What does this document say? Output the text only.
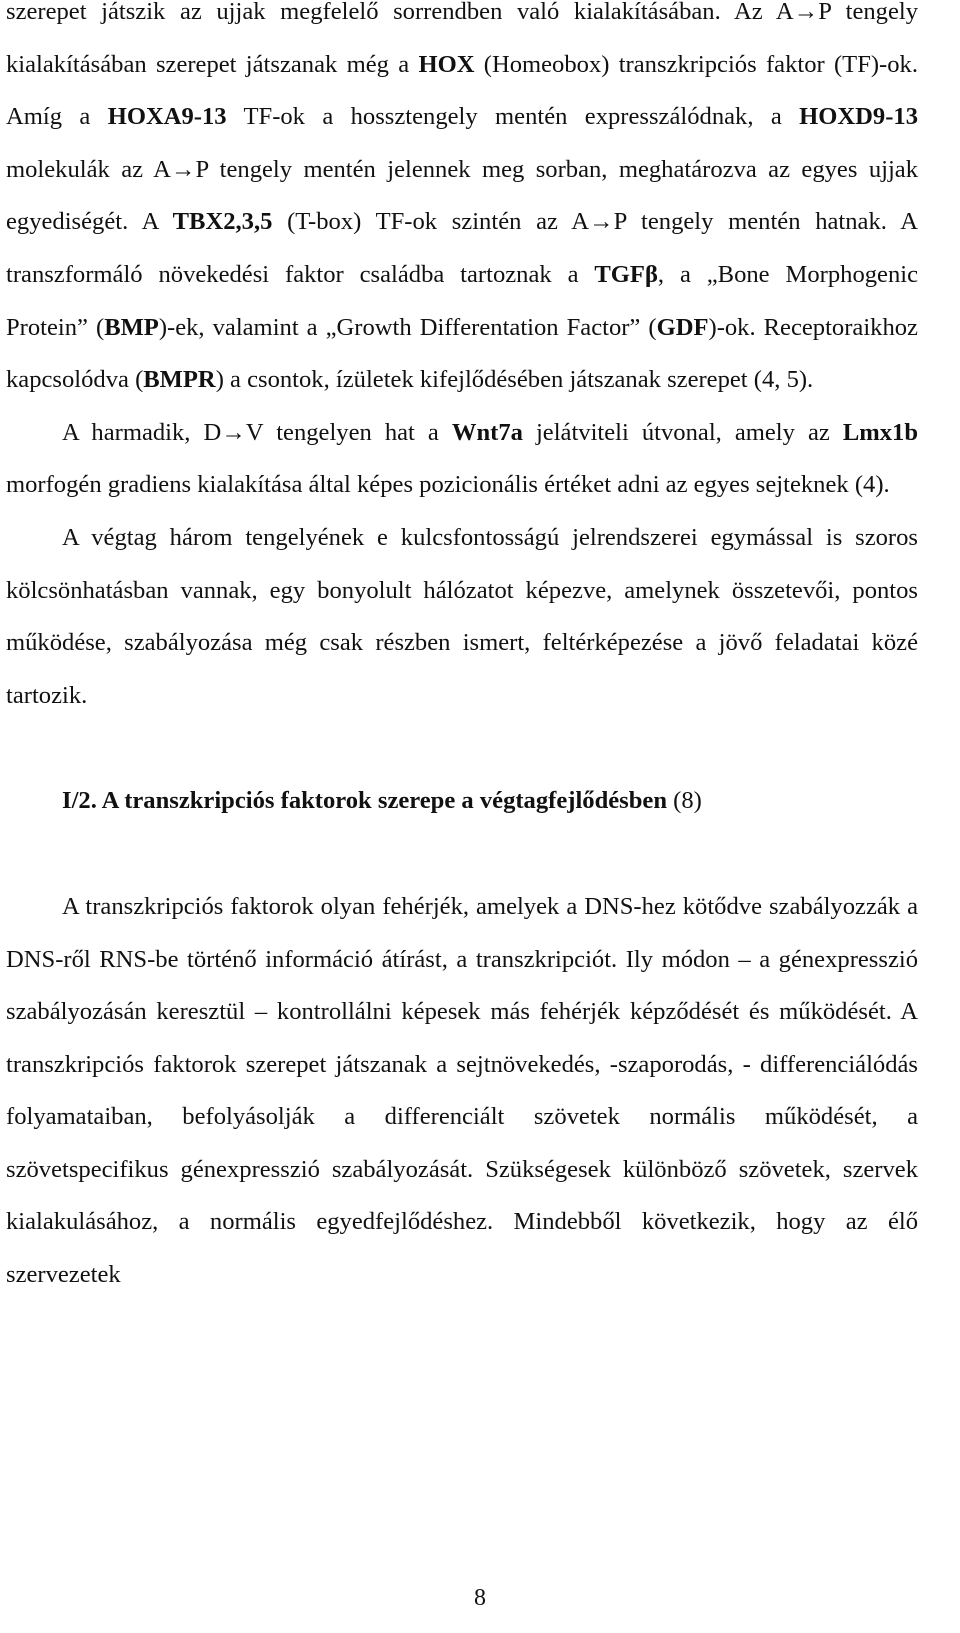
szerepet játszik az ujjak megfelelő sorrendben való kialakításában. Az A→P tengely kialakításában szerepet játszanak még a HOX (Homeobox) transzkripciós faktor (TF)-ok. Amíg a HOXA9-13 TF-ok a hossztengely mentén expresszálódnak, a HOXD9-13 molekulák az A→P tengely mentén jelennek meg sorban, meghatározva az egyes ujjak egyediségét. A TBX2,3,5 (T-box) TF-ok szintén az A→P tengely mentén hatnak. A transzformáló növekedési faktor családba tartoznak a TGFβ, a „Bone Morphogenic Protein” (BMP)-ek, valamint a „Growth Differentation Factor” (GDF)-ok. Receptoraikhoz kapcsolódva (BMPR) a csontok, ízületek kifejlődésében játszanak szerepet (4, 5).

A harmadik, D→V tengelyen hat a Wnt7a jelátviteli útvonal, amely az Lmx1b morfogén gradiens kialakítása által képes pozicionális értéket adni az egyes sejteknek (4).

A végtag három tengelyének e kulcsfontosságú jelrendszerei egymással is szoros kölcsönhatásban vannak, egy bonyolult hálózatot képezve, amelynek összetevői, pontos működése, szabályozása még csak részben ismert, feltérképezése a jövő feladatai közé tartozik.

I/2. A transzkripciós faktorok szerepe a végtagfejlődésben (8)

A transzkripciós faktorok olyan fehérjék, amelyek a DNS-hez kötődve szabályozzák a DNS-ről RNS-be történő információ átírást, a transzkripciót. Ily módon – a génexpresszió szabályozásán keresztül – kontrollálni képesek más fehérjék képződését és működését. A transzkripciós faktorok szerepet játszanak a sejtnövekedés, -szaporodás, - differenciálódás folyamataiban, befolyásolják a differenciált szövetek normális működését, a szövetspecifikus génexpresszió szabályozását. Szükségesek különböző szövetek, szervek kialakulásához, a normális egyedfejlődéshez. Mindebből következik, hogy az élő szervezetek

8
